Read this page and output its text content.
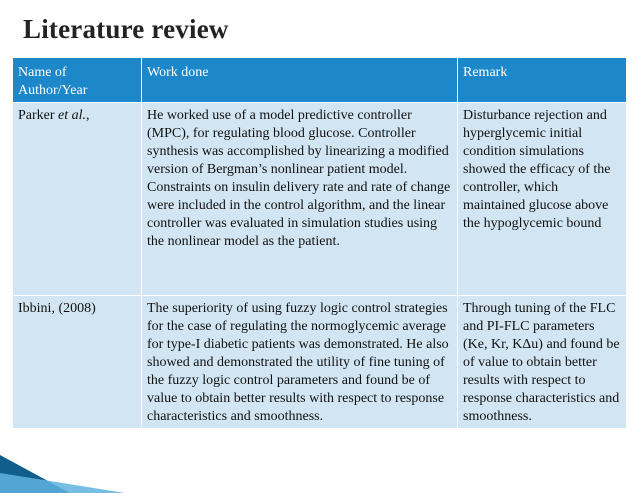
Literature review
Name of Author/Year	Work done	Remark
Parker et al.,	He worked use of a model predictive controller (MPC), for regulating blood glucose. Controller synthesis was accomplished by linearizing a modified version of Bergman’s nonlinear patient model. Constraints on insulin delivery rate and rate of change were included in the control algorithm, and the linear controller was evaluated in simulation studies using the nonlinear model as the patient.	Disturbance rejection and hyperglycemic initial condition simulations showed the efficacy of the controller, which maintained glucose above the hypoglycemic bound
Ibbini, (2008)	The superiority of using fuzzy logic control strategies for the case of regulating the normoglycemic average for type-I diabetic patients was demonstrated. He also showed and demonstrated the utility of fine tuning of the fuzzy logic control parameters and found be of value to obtain better results with respect to response characteristics and smoothness.	Through tuning of the FLC and PI-FLC parameters (Ke, Kr, KΔu) and found be of value to obtain better results with respect to response characteristics and smoothness.
